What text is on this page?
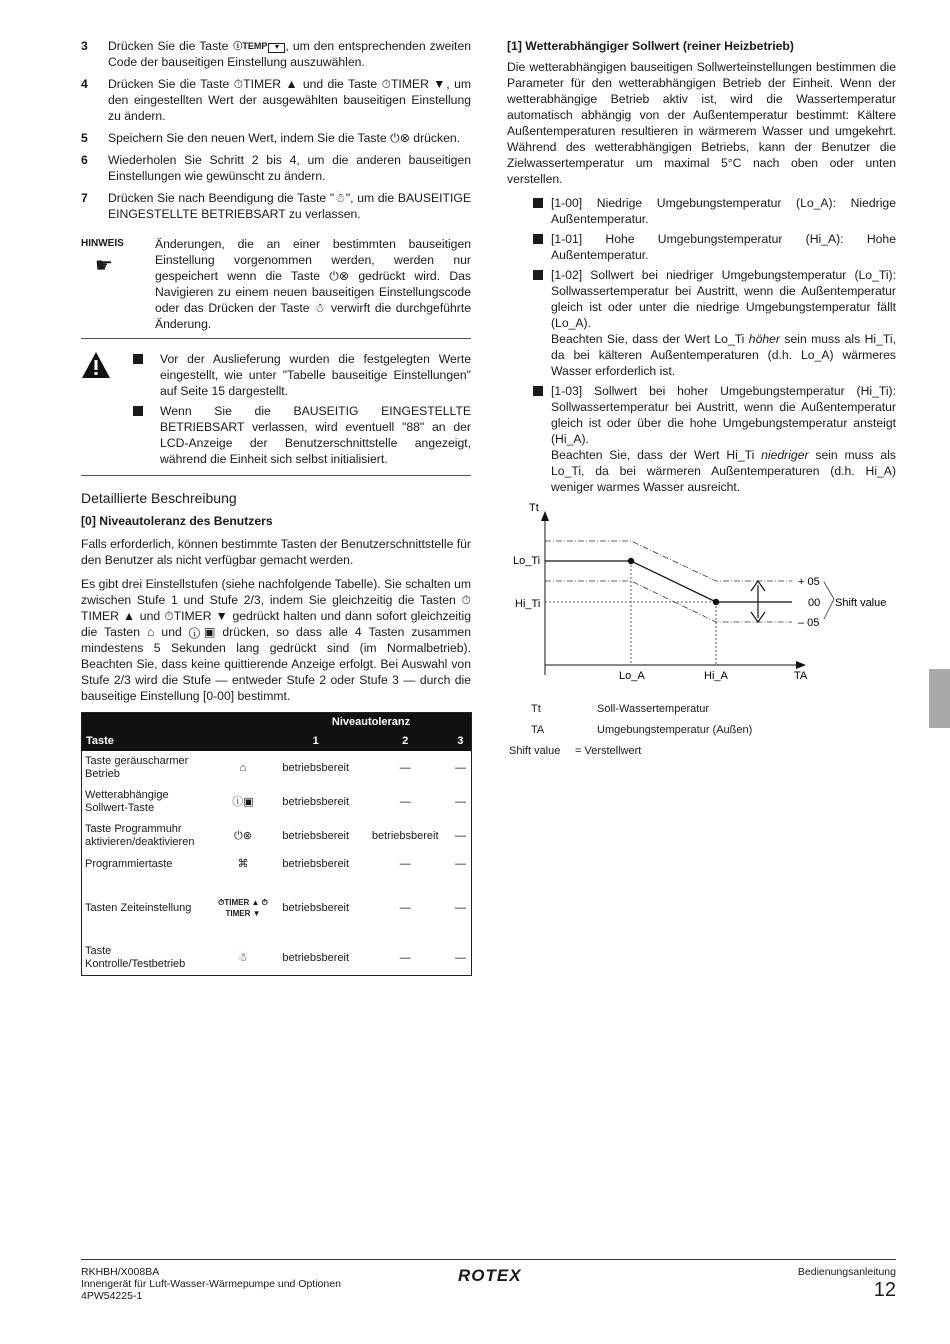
3	Drücken Sie die Taste ⓘTEMP ▼ , um den entsprechenden zweiten Code der bauseitigen Einstellung auszuwählen.
4	Drücken Sie die Taste ⏱TIMER ▲ und die Taste ⏱TIMER ▼, um den eingestellten Wert der ausgewählten bauseitigen Einstellung zu ändern.
5	Speichern Sie den neuen Wert, indem Sie die Taste ⏻⊗ drücken.
6	Wiederholen Sie Schritt 2 bis 4, um die anderen bauseitigen Einstellungen wie gewünscht zu ändern.
7	Drücken Sie nach Beendigung die Taste "☃", um die BAUSEITIGE EINGESTELLTE BETRIEBSART zu verlassen.
HINWEIS
☛
Änderungen, die an einer bestimmten bauseitigen Einstellung vorgenommen werden, werden nur gespeichert wenn die Taste ⏻⊗ gedrückt wird. Das Navigieren zu einem neuen bauseitigen Einstellungscode oder das Drücken der Taste ☃ verwirft die durchgeführte Änderung.
Vor der Auslieferung wurden die festgelegten Werte eingestellt, wie unter "Tabelle bauseitige Einstellungen" auf Seite 15 dargestellt.
Wenn Sie die BAUSEITIG EINGESTELLTE BETRIEBSART verlassen, wird eventuell "88" an der LCD-Anzeige der Benutzerschnittstelle angezeigt, während die Einheit sich selbst initialisiert.
Detaillierte Beschreibung
[0] Niveautoleranz des Benutzers

Falls erforderlich, können bestimmte Tasten der Benutzerschnittstelle für den Benutzer als nicht verfügbar gemacht werden.

Es gibt drei Einstellstufen (siehe nachfolgende Tabelle). Sie schalten um zwischen Stufe 1 und Stufe 2/3, indem Sie gleichzeitig die Tasten ⏱TIMER ▲ und ⏱TIMER ▼ gedrückt halten und dann sofort gleichzeitig die Tasten ⌂ und ⓘ▣ drücken, so dass alle 4 Tasten zusammen mindestens 5 Sekunden lang gedrückt sind (im Normalbetrieb). Beachten Sie, dass keine quittierende Anzeige erfolgt. Bei Auswahl von Stufe 2/3 wird die Stufe — entweder Stufe 2 oder Stufe 3 — durch die bauseitige Einstellung [0-00] bestimmt.

		Niveautoleranz		
Taste		1	2	3
Taste geräuscharmer Betrieb	⌂	betriebsbereit	—	—
Wetterabhängige Sollwert-Taste	ⓘ▣	betriebsbereit	—	—
Taste Programmuhr aktivieren/deaktivieren	⏻⊗	betriebsbereit	betriebsbereit	—
Programmiertaste	⌘	betriebsbereit	—	—
Tasten Zeiteinstellung	⏱TIMER ▲ ⏱TIMER ▼	betriebsbereit	—	—
Taste Kontrolle/Testbetrieb	☃	betriebsbereit	—	—
[1] Wetterabhängiger Sollwert (reiner Heizbetrieb)

Die wetterabhängigen bauseitigen Sollwerteinstellungen bestimmen die Parameter für den wetterabhängigen Betrieb der Einheit. Wenn der wetterabhängige Betrieb aktiv ist, wird die Wassertemperatur automatisch abhängig von der Außentemperatur bestimmt: Kältere Außentemperaturen resultieren in wärmerem Wasser und umgekehrt. Während des wetterabhängigen Betriebs, kann der Benutzer die Zielwassertemperatur um maximal 5°C nach oben oder unten verstellen.

[1-00] Niedrige Umgebungstemperatur (Lo_A): Niedrige Außentemperatur.
[1-01] Hohe Umgebungstemperatur (Hi_A): Hohe Außentemperatur.
[1-02] Sollwert bei niedriger Umgebungstemperatur (Lo_Ti): Sollwassertemperatur bei Austritt, wenn die Außentemperatur gleich ist oder unter die niedrige Umgebungstemperatur fällt (Lo_A).
Beachten Sie, dass der Wert Lo_Ti höher sein muss als Hi_Ti, da bei kälteren Außentemperaturen (d.h. Lo_A) wärmeres Wasser erforderlich ist.
[1-03] Sollwert bei hoher Umgebungstemperatur (Hi_Ti): Sollwassertemperatur bei Austritt, wenn die Außentemperatur gleich ist oder über die hohe Umgebungstemperatur ansteigt (Hi_A).
Beachten Sie, dass der Wert Hi_Ti niedriger sein muss als Lo_Ti, da bei wärmeren Außentemperaturen (d.h. Hi_A) weniger warmes Wasser ausreicht.
Tt
TA
Lo_Ti
Hi_Ti
Lo_A	Hi_A
+ 05
00
– 05
Shift value
Tt	Soll-Wassertemperatur
TA	Umgebungstemperatur (Außen)
Shift value	= Verstellwert
RKHBH/X008BA
Innengerät für Luft-Wasser-Wärmepumpe und Optionen
4PW54225-1
ROTEX	Bedienungsanleitung
12
